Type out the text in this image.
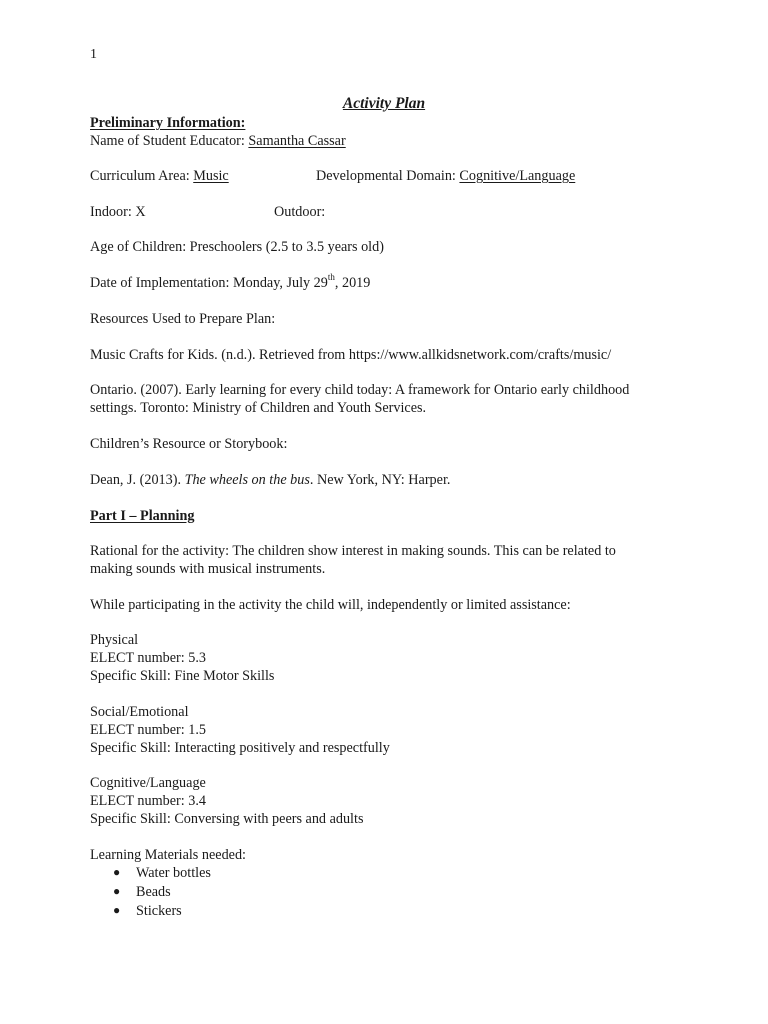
1
Activity Plan
Preliminary Information:
Name of Student Educator: Samantha Cassar
Curriculum Area: Music	Developmental Domain: Cognitive/Language
Indoor: X	Outdoor:
Age of Children: Preschoolers (2.5 to 3.5 years old)
Date of Implementation: Monday, July 29th, 2019
Resources Used to Prepare Plan:
Music Crafts for Kids. (n.d.). Retrieved from https://www.allkidsnetwork.com/crafts/music/
Ontario. (2007). Early learning for every child today: A framework for Ontario early childhood
settings. Toronto: Ministry of Children and Youth Services.
Children’s Resource or Storybook:
Dean, J. (2013). The wheels on the bus. New York, NY: Harper.
Part I – Planning
Rational for the activity: The children show interest in making sounds. This can be related to
making sounds with musical instruments.
While participating in the activity the child will, independently or limited assistance:
Physical
ELECT number: 5.3
Specific Skill: Fine Motor Skills
Social/Emotional
ELECT number: 1.5
Specific Skill: Interacting positively and respectfully
Cognitive/Language
ELECT number: 3.4
Specific Skill: Conversing with peers and adults
Learning Materials needed:
● Water bottles
● Beads
● Stickers
